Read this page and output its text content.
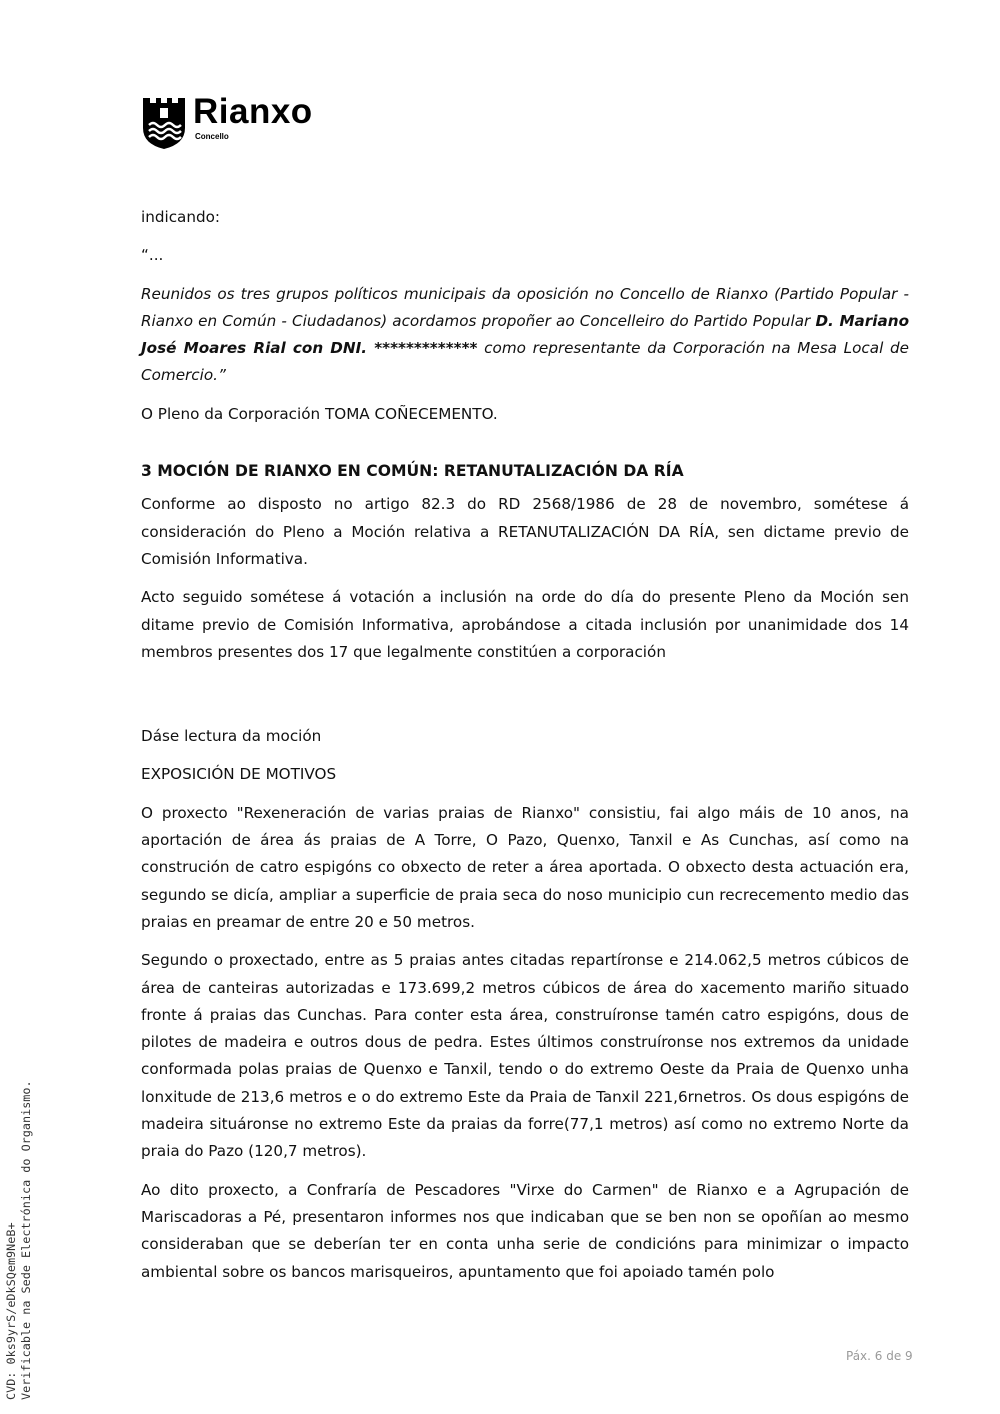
Rianxo
Concello

indicando:

“...

Reunidos os tres grupos políticos municipais da oposición no Concello de Rianxo (Partido Popular - Rianxo en Común - Ciudadanos) acordamos propoñer ao Concelleiro do Partido Popular D. Mariano José Moares Rial con DNI. ************* como representante da Corporación na Mesa Local de Comercio.”

O Pleno da Corporación TOMA COÑECEMENTO.

3 MOCIÓN DE RIANXO EN COMÚN: RETANUTALIZACIÓN DA RÍA

Conforme ao disposto no artigo 82.3 do RD 2568/1986 de 28 de novembro, sométese á consideración do Pleno a Moción relativa a RETANUTALIZACIÓN DA RÍA, sen dictame previo de Comisión Informativa.

Acto seguido sométese á votación a inclusión na orde do día do presente Pleno da Moción sen ditame previo de Comisión Informativa, aprobándose a citada inclusión por unanimidade dos 14 membros presentes dos 17 que legalmente constitúen a corporación

Dáse lectura da moción

EXPOSICIÓN DE MOTIVOS

O proxecto "Rexeneración de varias praias de Rianxo" consistiu, fai algo máis de 10 anos, na aportación de área ás praias de A Torre, O Pazo, Quenxo, Tanxil e As Cunchas, así como na construción de catro espigóns co obxecto de reter a área aportada. O obxecto desta actuación era, segundo se dicía, ampliar a superficie de praia seca do noso municipio cun recrecemento medio das praias en preamar de entre 20 e 50 metros.

Segundo o proxectado, entre as 5 praias antes citadas repartíronse e 214.062,5 metros cúbicos de área de canteiras autorizadas e 173.699,2 metros cúbicos de área do xacemento mariño situado fronte á praias das Cunchas. Para conter esta área, construíronse tamén catro espigóns, dous de pilotes de madeira e outros dous de pedra. Estes últimos construíronse nos extremos da unidade conformada polas praias de Quenxo e Tanxil, tendo o do extremo Oeste da Praia de Quenxo unha lonxitude de 213,6 metros e o do extremo Este da Praia de Tanxil 221,6rnetros. Os dous espigóns de madeira situáronse no extremo Este da praias da forre(77,1 metros) así como no extremo Norte da praia do Pazo (120,7 metros).

Ao dito proxecto, a Confraría de Pescadores "Virxe do Carmen" de Rianxo e a Agrupación de Mariscadoras a Pé, presentaron informes nos que indicaban que se ben non se opoñían ao mesmo consideraban que se deberían ter en conta unha serie de condicións para minimizar o impacto ambiental sobre os bancos marisqueiros, apuntamento que foi apoiado tamén polo

Páx. 6 de 9
CVD: 0ks9yrS/eDkSQem9NeB+ Verificable na Sede Electrónica do Organismo.
